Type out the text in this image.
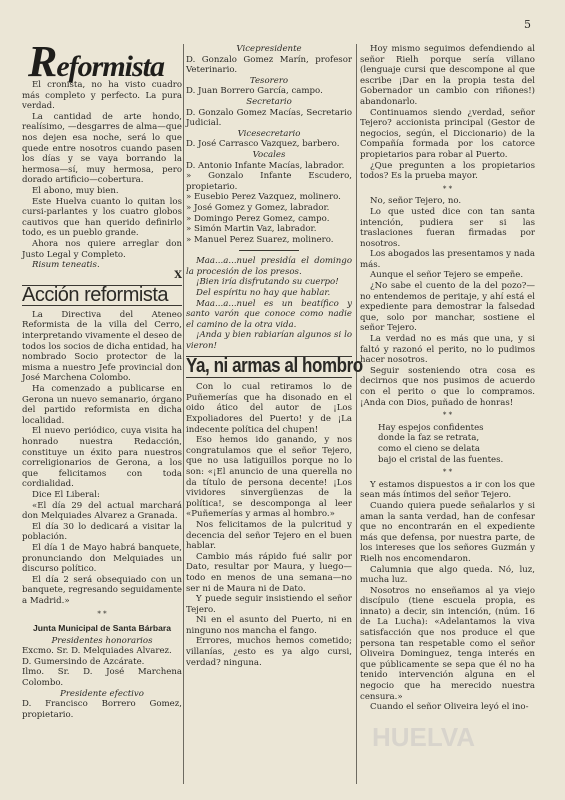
Reformista
5

El cronista, no ha visto cuadro más completo y perfecto. La pura verdad.

La cantidad de arte hondo, realísimo, —desgarres de alma—que nos dejen esa noche, será lo que quede entre nosotros cuando pasen los días y se vaya borrando la hermosa—sí, muy hermosa, pero dorado artificio—cobertura.

El abono, muy bien.

Este Huelva cuanto lo quitan los cursi-parlantes y los cuatro globos cautivos que han querido definirlo todo, es un pueblo grande.

Ahora nos quiere arreglar don Justo Legal y Completo.

Risum teneatis.

X

Acción reformista

La Directiva del Ateneo Reformista de la villa del Cerro, interpretando vivamente el deseo de todos los socios de dicha entidad, ha nombrado Socio protector de la misma a nuestro Jefe provincial don José Marchena Colombo.

Ha comenzado a publicarse en Gerona un nuevo semanario, órgano del partido reformista en dicha localidad.

El nuevo periódico, cuya visita ha honrado nuestra Redacción, constituye un éxito para nuestros correligionarios de Gerona, a los que felicitamos con toda cordialidad.

Dice El Liberal:

«El día 29 del actual marchará don Melquiades Alvarez a Granada.

El día 30 lo dedicará a visitar la población.

El día 1 de Mayo habrá banquete, pronunciando don Melquiades un discurso político.

El día 2 será obsequiado con un banquete, regresando seguidamente a Madrid.»

* *
Junta Municipal de Santa Bárbara

Presidentes honorarios

Excmo. Sr. D. Melquiades Alvarez.

D. Gumersindo de Azcárate.

Ilmo. Sr. D. José Marchena Colombo.

Presidente efectivo

D. Francisco Borrero Gomez, propietario.

Vicepresidente

D. Gonzalo Gomez Marín, profesor Veterinario.

Tesorero

D. Juan Borrero García, campo.

Secretario

D. Gonzalo Gomez Macías, Secretario Judicial.

Vicesecretario

D. José Carrasco Vazquez, barbero.

Vocales

D. Antonio Infante Macías, labrador.

» Gonzalo Infante Escudero, propietario.

» Eusebio Perez Vazquez, molinero.

» José Gomez y Gomez, labrador.

» Domingo Perez Gomez, campo.

» Simón Martin Vaz, labrador.

» Manuel Perez Suarez, molinero.

Maa...a...nuel presidía el domingo la procesión de los presos.

¡Bien iría disfrutando su cuerpo!

Del espíritu no hay que hablar.

Maa...a...nuel es un beatífico y santo varón que conoce como nadie el camino de la otra vida.

¡Anda y bien rabiarían algunos si lo vieron!

Ya, ni armas al hombro

Con lo cual retiramos lo de Puñemerías que ha disonado en el oido ático del autor de ¡Los Expoliadores del Puerto! y de ¡La indecente política del chupen!

Eso hemos ido ganando, y nos congratulamos que el señor Tejero, que no usa latiguillos porque no lo son: «¡El anuncio de una querella no da título de persona decente! ¡Los vividores sinvergüenzas de la política!, se descomponga al leer «Puñemerías y armas al hombro.»

Nos felicitamos de la pulcritud y decencia del señor Tejero en el buen hablar.

Cambio más rápido fué salir por Dato, resultar por Maura, y luego—todo en menos de una semana—no ser ni de Maura ni de Dato.

Y puede seguir insistiendo el señor Tejero.

Ni en el asunto del Puerto, ni en ninguno nos mancha el fango.

Errores, muchos hemos cometido; villanías, ¿esto es ya algo cursi, verdad? ninguna.

Hoy mismo seguimos defendiendo al señor Rielh porque sería villano (lenguaje cursi que descompone al que escribe ¡Dar en la propia testa del Gobernador un cambio con riñones!) abandonarlo.

Continuamos siendo ¿verdad, señor Tejero? accionista principal (Gestor de negocios, según, el Diccionario) de la Compañía formada por los catorce propietarios para robar al Puerto.

¿Que pregunten a los propietarios todos? Es la prueba mayor.

* *

No, señor Tejero, no.

Lo que usted dice con tan santa intención, pudiera ser si las traslaciones fueran firmadas por nosotros.

Los abogados las presentamos y nada más.

Aunque el señor Tejero se empeñe.

¿No sabe el cuento de la del pozo?—no entendemos de peritaje, y ahí está el expediente para demostrar la falsedad que, solo por manchar, sostiene el señor Tejero.

La verdad no es más que una, y si faltó y razonó el perito, no lo pudimos hacer nosotros.

Seguir sosteniendo otra cosa es decirnos que nos pusimos de acuerdo con el perito o que lo compramos. ¡Anda con Dios, puñado de honras!

* *

Hay espejos confidentes

donde la faz se retrata,

como el cieno se delata

bajo el cristal de las fuentes.

* *

Y estamos dispuestos a ir con los que sean más íntimos del señor Tejero.

Cuando quiera puede señalarlos y si aman la santa verdad, han de confesar que no encontrarán en el expediente más que defensa, por nuestra parte, de los intereses que los señores Guzmán y Rielh nos encomendaron.

Calumnia que algo queda. Nó, luz, mucha luz.

Nosotros no enseñamos al ya viejo discípulo (tiene escuela propia, es innato) a decir, sin intención, (núm. 16 de La Lucha): «Adelantamos la viva satisfacción que nos produce el que persona tan respetable como el señor Oliveira Dominguez, tenga interés en que públicamente se sepa que él no ha tenido intervención alguna en el negocio que ha merecido nuestra censura.»

Cuando el señor Oliveira leyó el ino-

HUELVA
